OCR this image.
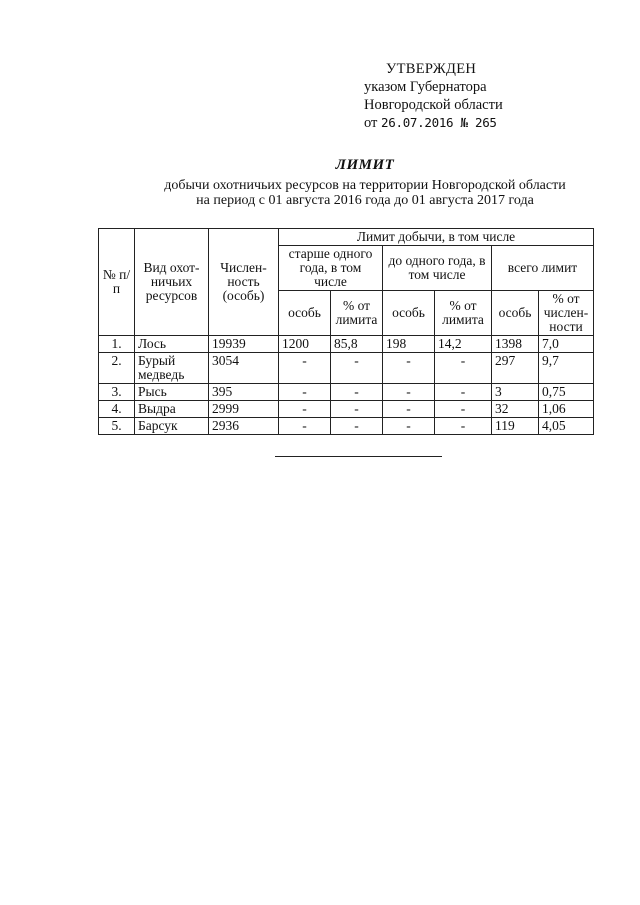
УТВЕРЖДЕН
указом Губернатора
Новгородской области
от 26.07.2016 № 265
ЛИМИТ
добычи охотничьих ресурсов на территории Новгородской области
на период с 01 августа 2016 года до 01 августа 2017 года
№ п/п	Вид охот-ничьих ресурсов	Числен-ность (особь)	Лимит добычи, в том числе					
			старше одного года, в том числе		до одного года, в том числе		всего лимит	
			особь	% от лимита	особь	% от лимита	особь	% от числен-ности
1.	Лось	19939	1200	85,8	198	14,2	1398	7,0
2.	Бурый медведь	3054	-	-	-	-	297	9,7
3.	Рысь	395	-	-	-	-	3	0,75
4.	Выдра	2999	-	-	-	-	32	1,06
5.	Барсук	2936	-	-	-	-	119	4,05
